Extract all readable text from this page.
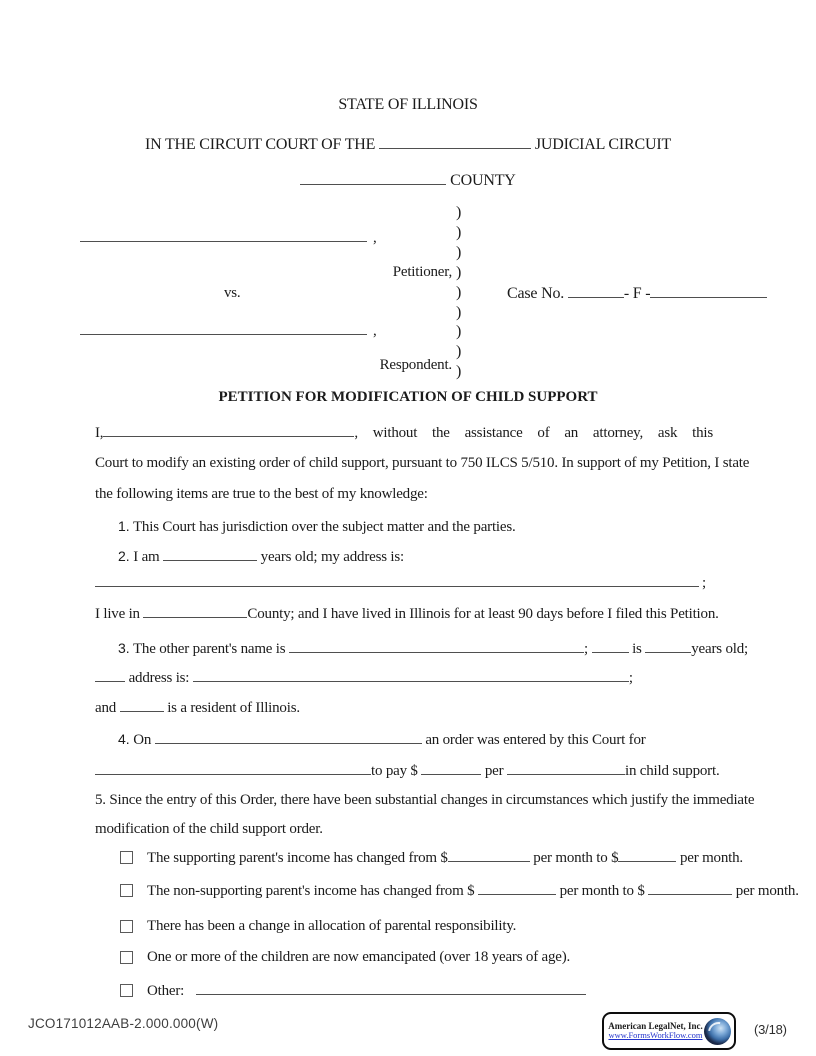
STATE OF ILLINOIS
IN THE CIRCUIT COURT OF THE	JUDICIAL CIRCUIT
COUNTY
,
Petitioner,
vs.
)
)
)
)
)
)
)
)
)
Case No.	- F -
,
Respondent.
PETITION FOR MODIFICATION OF CHILD SUPPORT
I,	, without the assistance of an attorney, ask this
Court to modify an existing order of child support, pursuant to 750 ILCS 5/510. In support of my Petition, I state
the following items are true to the best of my knowledge:
1. This Court has jurisdiction over the subject matter and the parties.
2. I am	years old; my address is:
;
I live in	County; and I have lived in Illinois for at least 90 days before I filed this Petition.
3. The other parent's name is	;	is	years old;
address is:	;
and	is a resident of Illinois.
4. On	an order was entered by this Court for
to pay $	per	in child support.
5. Since the entry of this Order, there have been substantial changes in circumstances which justify the immediate
modification of the child support order.
The supporting parent's income has changed from $	per month to $	per month.
The non-supporting parent's income has changed from $	per month to $	per month.
There has been a change in allocation of parental responsibility.
One or more of the children are now emancipated (over 18 years of age).
Other:
JCO171012AAB-2.000.000(W)	American LegalNet, Inc.
www.FormsWorkFlow.com	(3/18)
